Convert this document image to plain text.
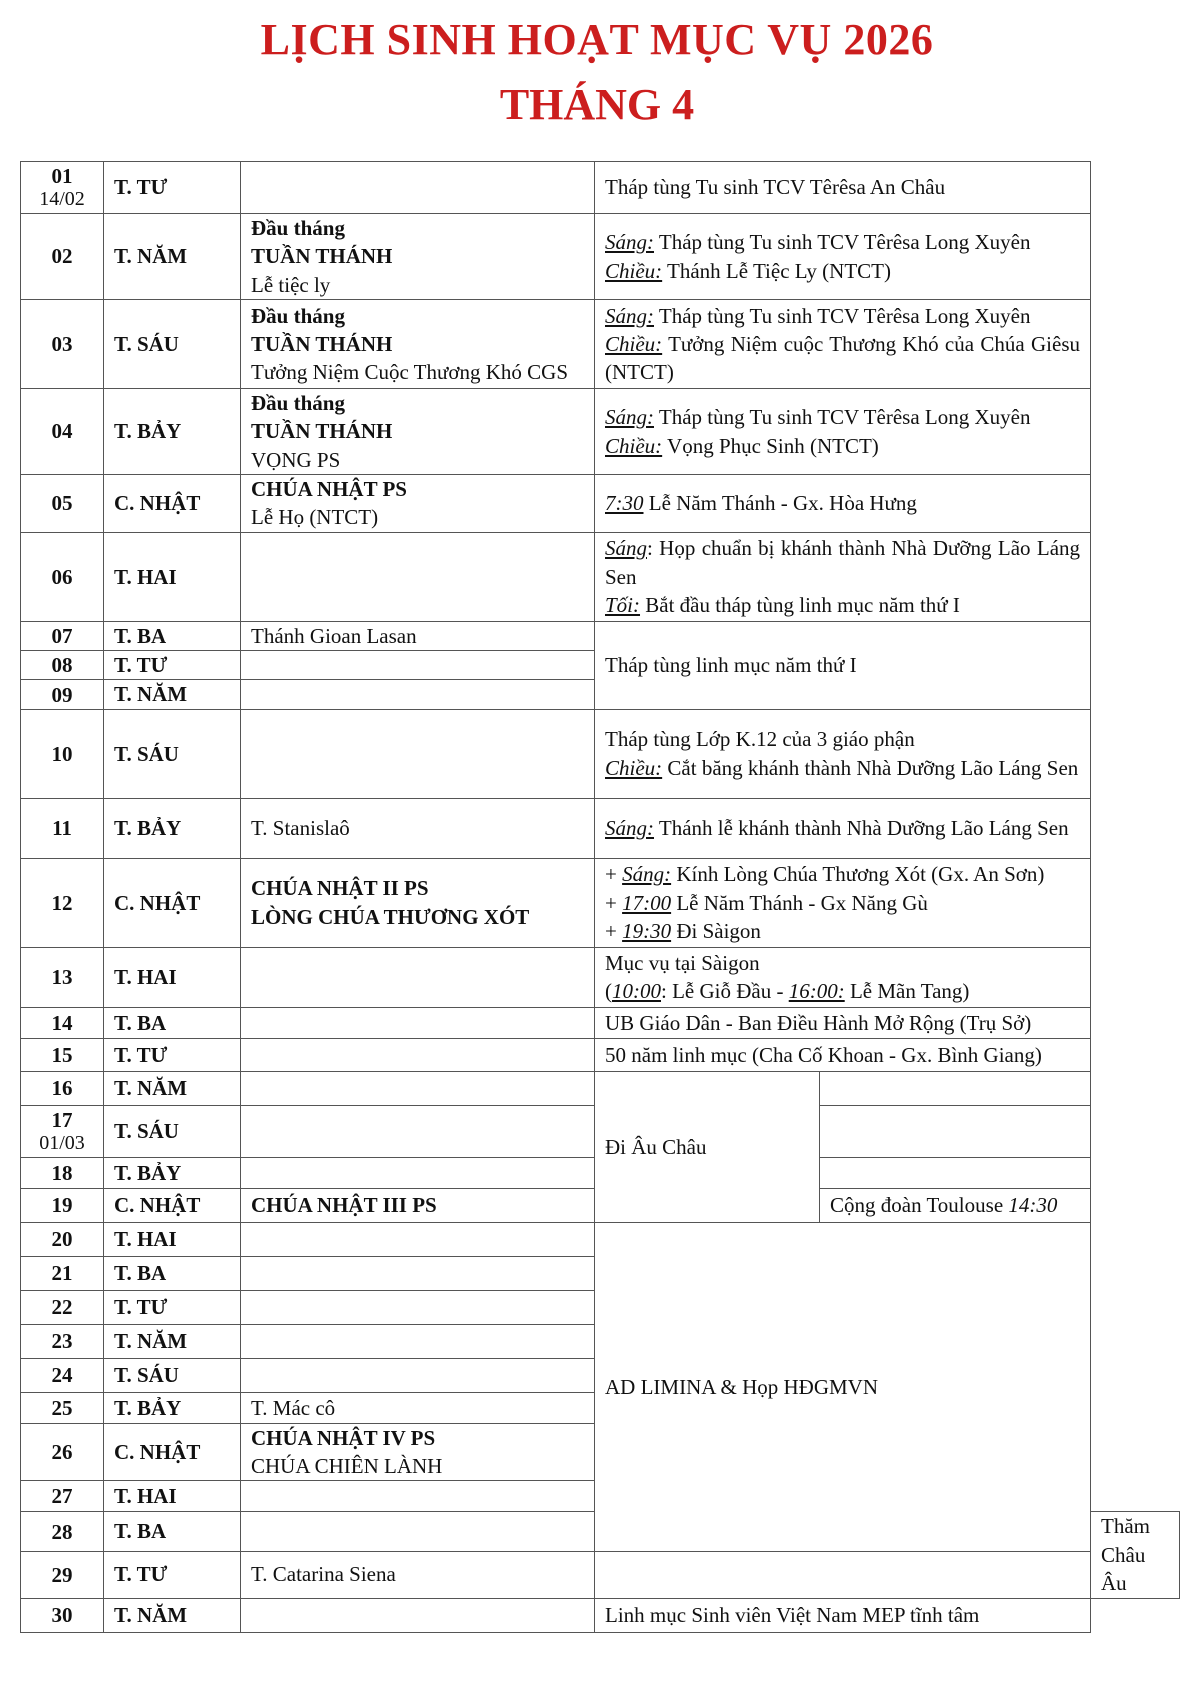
LỊCH SINH HOẠT MỤC VỤ 2026
THÁNG 4
01
14/02	T. TƯ		Tháp tùng Tu sinh TCV Têrêsa An Châu		

02	T. NĂM	Đầu tháng
TUẦN THÁNH
Lễ tiệc ly	Sáng: Tháp tùng Tu sinh TCV Têrêsa Long Xuyên
Chiều: Thánh Lễ Tiệc Ly (NTCT)		

03	T. SÁU	Đầu tháng
TUẦN THÁNH
Tưởng Niệm Cuộc Thương Khó CGS	Sáng: Tháp tùng Tu sinh TCV Têrêsa Long Xuyên
Chiều: Tưởng Niệm cuộc Thương Khó của Chúa Giêsu (NTCT)		

04	T. BẢY	Đầu tháng
TUẦN THÁNH
VỌNG PS	Sáng: Tháp tùng Tu sinh TCV Têrêsa Long Xuyên
Chiều: Vọng Phục Sinh (NTCT)		

05	C. NHẬT	CHÚA NHẬT PS
Lễ Họ (NTCT)	7:30 Lễ Năm Thánh - Gx. Hòa Hưng		

06	T. HAI		Sáng: Họp chuẩn bị khánh thành Nhà Dưỡng Lão Láng Sen
Tối: Bắt đầu tháp tùng linh mục năm thứ I		

07	T. BA	Thánh Gioan Lasan	Tháp tùng linh mục năm thứ I		

08	T. TƯ				
09	T. NĂM				
10	T. SÁU		Tháp tùng Lớp K.12 của 3 giáo phận
Chiều: Cắt băng khánh thành Nhà Dưỡng Lão Láng Sen		

11	T. BẢY	T. Stanislaô	Sáng: Thánh lễ khánh thành Nhà Dưỡng Lão Láng Sen		

12	C. NHẬT	CHÚA NHẬT II PS
LÒNG CHÚA THƯƠNG XÓT	+ Sáng: Kính Lòng Chúa Thương Xót (Gx. An Sơn)
+ 17:00 Lễ Năm Thánh - Gx Năng Gù
+ 19:30 Đi Sàigon		

13	T. HAI		Mục vụ tại Sàigon
(10:00: Lễ Giỗ Đầu - 16:00: Lễ Mãn Tang)		

14	T. BA		UB Giáo Dân - Ban Điều Hành Mở Rộng (Trụ Sở)		

15	T. TƯ		50 năm linh mục (Cha Cố Khoan - Gx. Bình Giang)		

16	T. NĂM		Đi Âu Châu		

17
01/03	T. SÁU				
18	T. BẢY				
19	C. NHẬT	CHÚA NHẬT III PS		Cộng đoàn Toulouse 14:30	

20	T. HAI		AD LIMINA & Họp HĐGMVN		

21	T. BA				
22	T. TƯ				
23	T. NĂM				
24	T. SÁU				
25	T. BẢY	T. Mác cô			

26	C. NHẬT	CHÚA NHẬT IV PS
CHÚA CHIÊN LÀNH			

27	T. HAI				
28	T. BA				Thăm Châu Âu

29	T. TƯ	T. Catarina Siena			

30	T. NĂM		Linh mục Sinh viên Việt Nam MEP tĩnh tâm		
